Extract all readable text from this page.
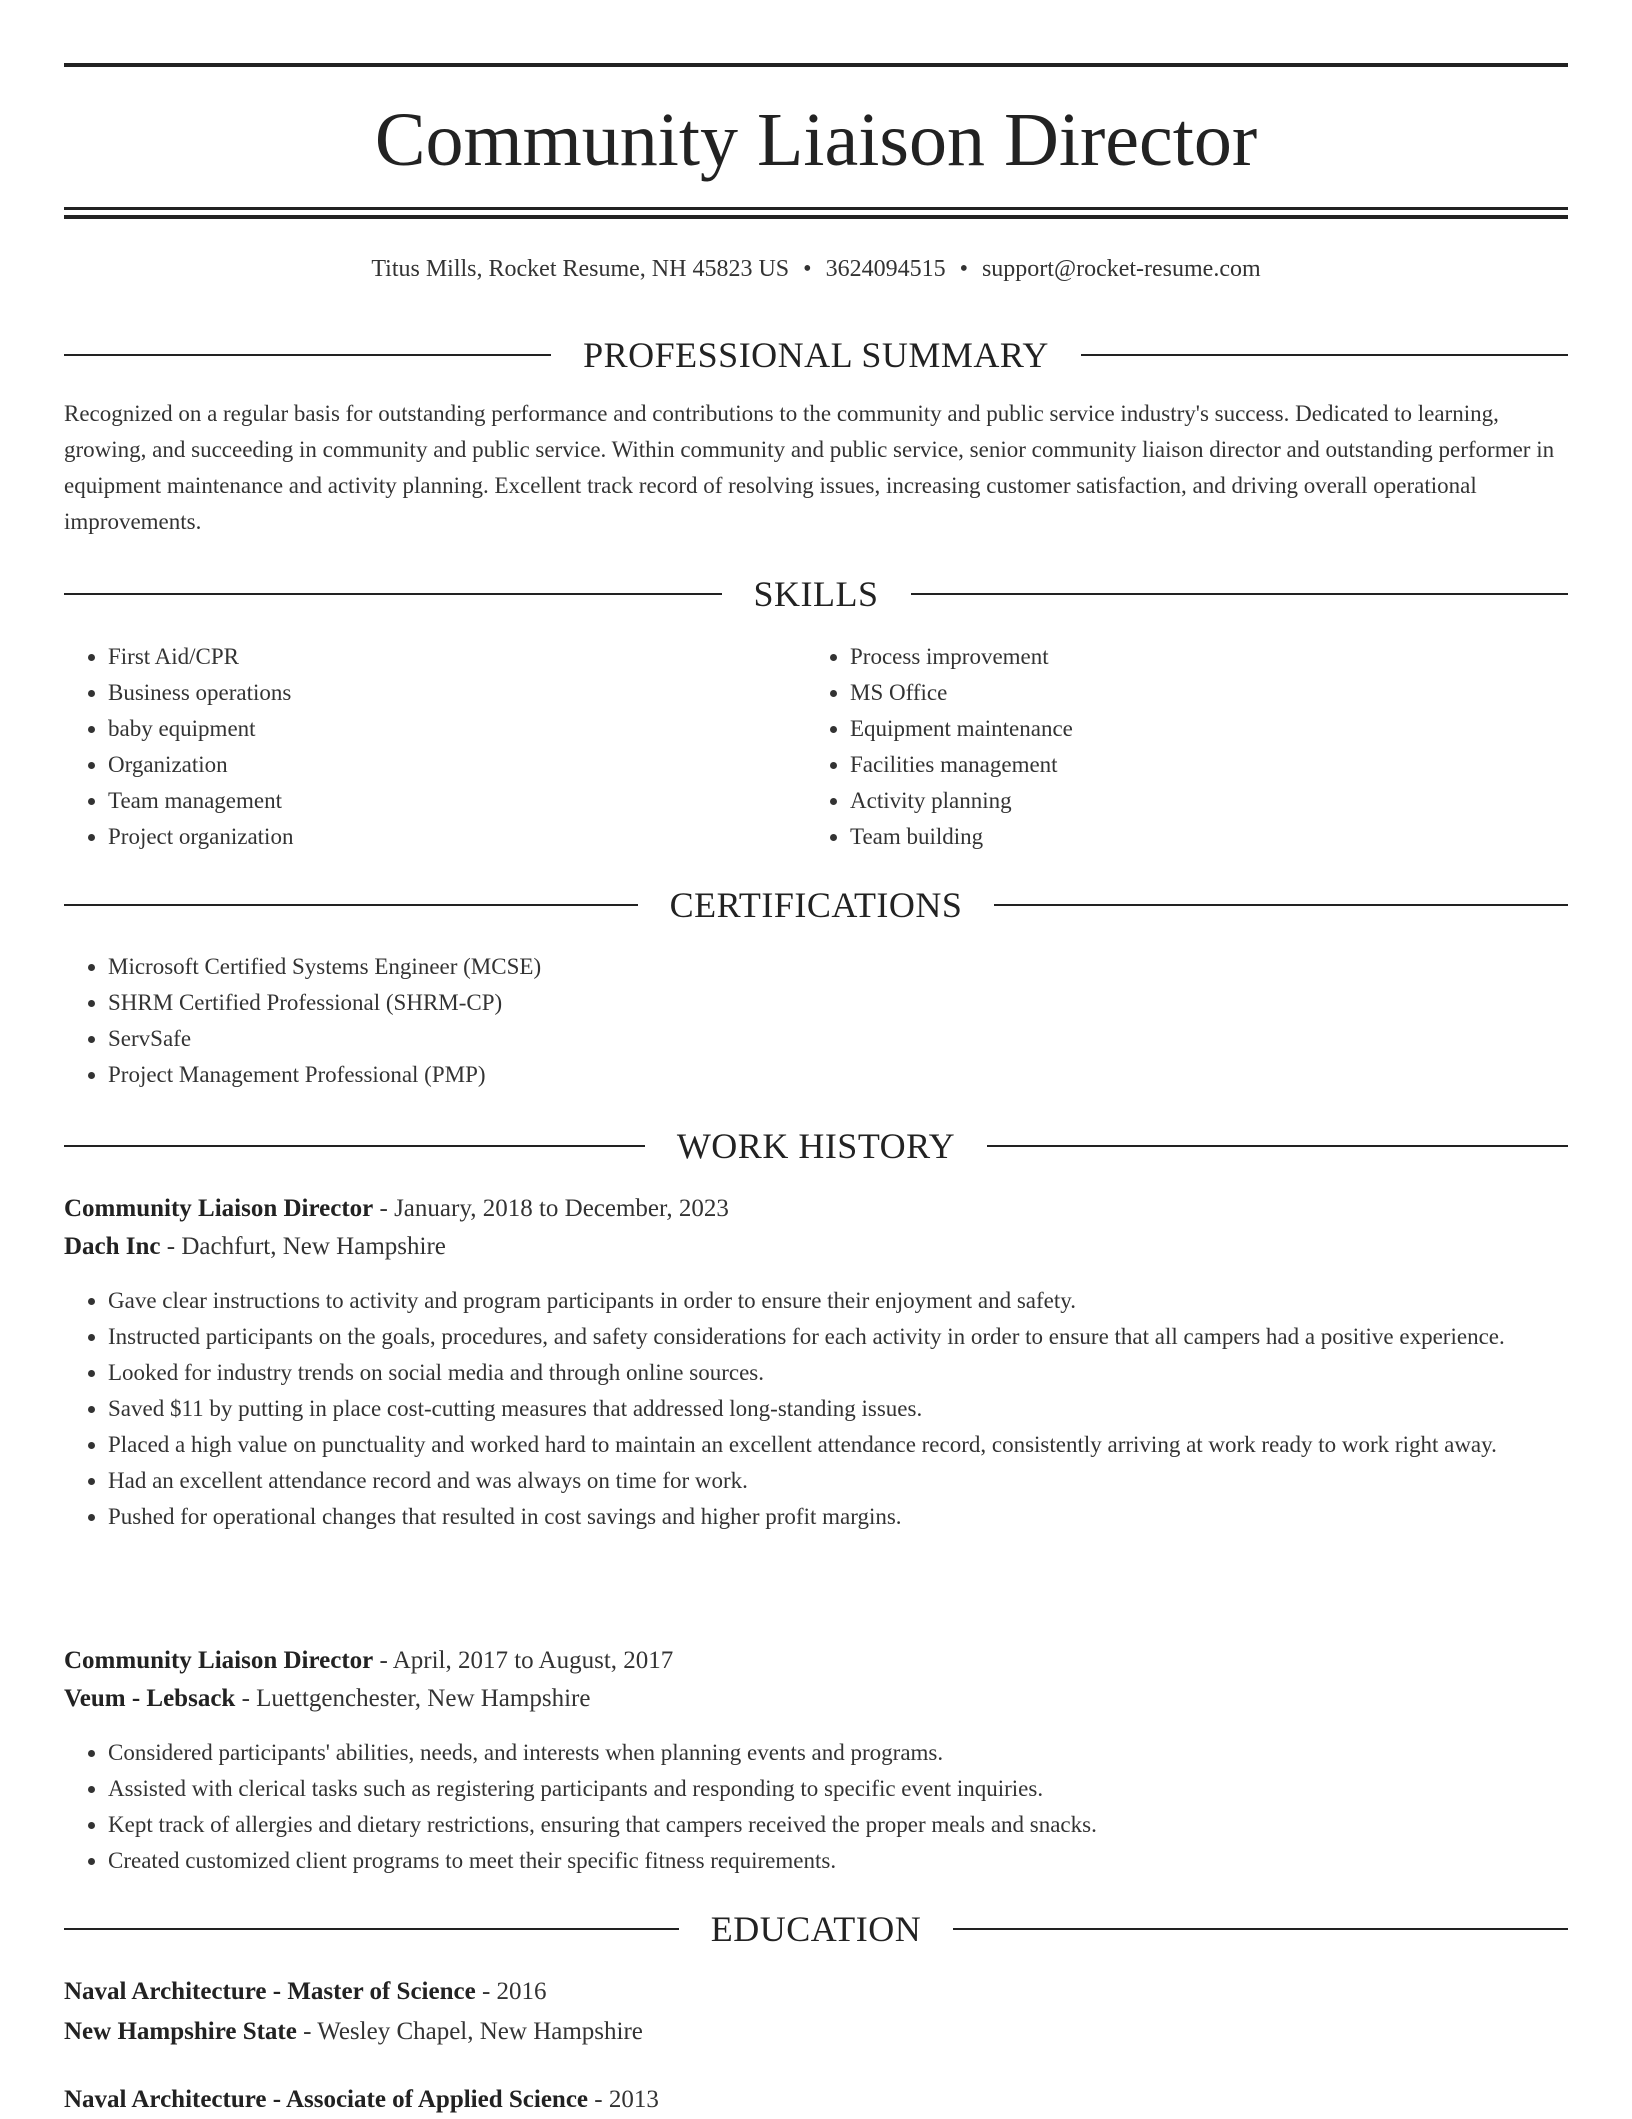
Community Liaison Director
Titus Mills, Rocket Resume, NH 45823 US • 3624094515 • support@rocket-resume.com
PROFESSIONAL SUMMARY

Recognized on a regular basis for outstanding performance and contributions to the community and public service industry's success. Dedicated to learning, growing, and succeeding in community and public service. Within community and public service, senior community liaison director and outstanding performer in equipment maintenance and activity planning. Excellent track record of resolving issues, increasing customer satisfaction, and driving overall operational improvements.

SKILLS
• First Aid/CPR
• Business operations
• baby equipment
• Organization
• Team management
• Project organization
• Process improvement
• MS Office
• Equipment maintenance
• Facilities management
• Activity planning
• Team building
CERTIFICATIONS
• Microsoft Certified Systems Engineer (MCSE)
• SHRM Certified Professional (SHRM-CP)
• ServSafe
• Project Management Professional (PMP)
WORK HISTORY
Community Liaison Director - January, 2018 to December, 2023
Dach Inc - Dachfurt, New Hampshire
• Gave clear instructions to activity and program participants in order to ensure their enjoyment and safety.
• Instructed participants on the goals, procedures, and safety considerations for each activity in order to ensure that all campers had a positive experience.
• Looked for industry trends on social media and through online sources.
• Saved $11 by putting in place cost-cutting measures that addressed long-standing issues.
• Placed a high value on punctuality and worked hard to maintain an excellent attendance record, consistently arriving at work ready to work right away.
• Had an excellent attendance record and was always on time for work.
• Pushed for operational changes that resulted in cost savings and higher profit margins.
Community Liaison Director - April, 2017 to August, 2017
Veum - Lebsack - Luettgenchester, New Hampshire
• Considered participants' abilities, needs, and interests when planning events and programs.
• Assisted with clerical tasks such as registering participants and responding to specific event inquiries.
• Kept track of allergies and dietary restrictions, ensuring that campers received the proper meals and snacks.
• Created customized client programs to meet their specific fitness requirements.
EDUCATION
Naval Architecture - Master of Science - 2016
New Hampshire State - Wesley Chapel, New Hampshire
Naval Architecture - Associate of Applied Science - 2013
